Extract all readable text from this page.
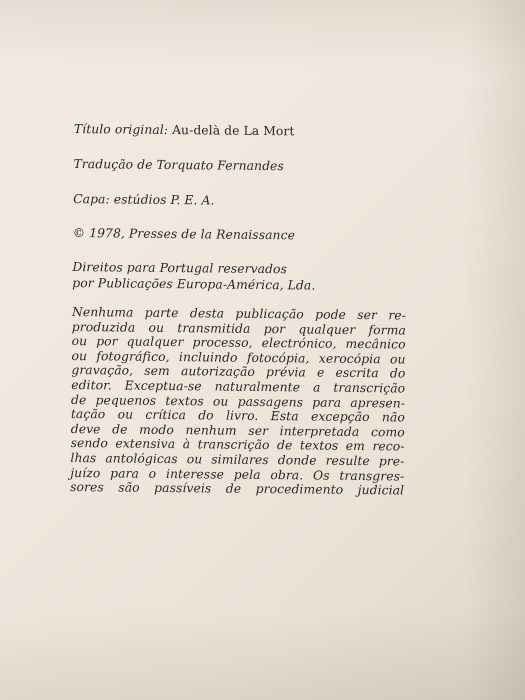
Título original: Au-delà de La Mort

Tradução de Torquato Fernandes

Capa: estúdios P. E. A.

© 1978, Presses de la Renaissance

Direitos para Portugal reservados

por Publicações Europa-América, Lda.

Nenhuma parte desta publicação pode ser re-

produzida ou transmitida por qualquer forma

ou por qualquer processo, electrónico, mecânico

ou fotográfico, incluindo fotocópia, xerocópia ou

gravação, sem autorização prévia e escrita do

editor. Exceptua-se naturalmente a transcrição

de pequenos textos ou passagens para apresen-

tação ou crítica do livro. Esta excepção não

deve de modo nenhum ser interpretada como

sendo extensiva à transcrição de textos em reco-

lhas antológicas ou similares donde resulte pre-

juízo para o interesse pela obra. Os transgres-

sores são passíveis de procedimento judicial
